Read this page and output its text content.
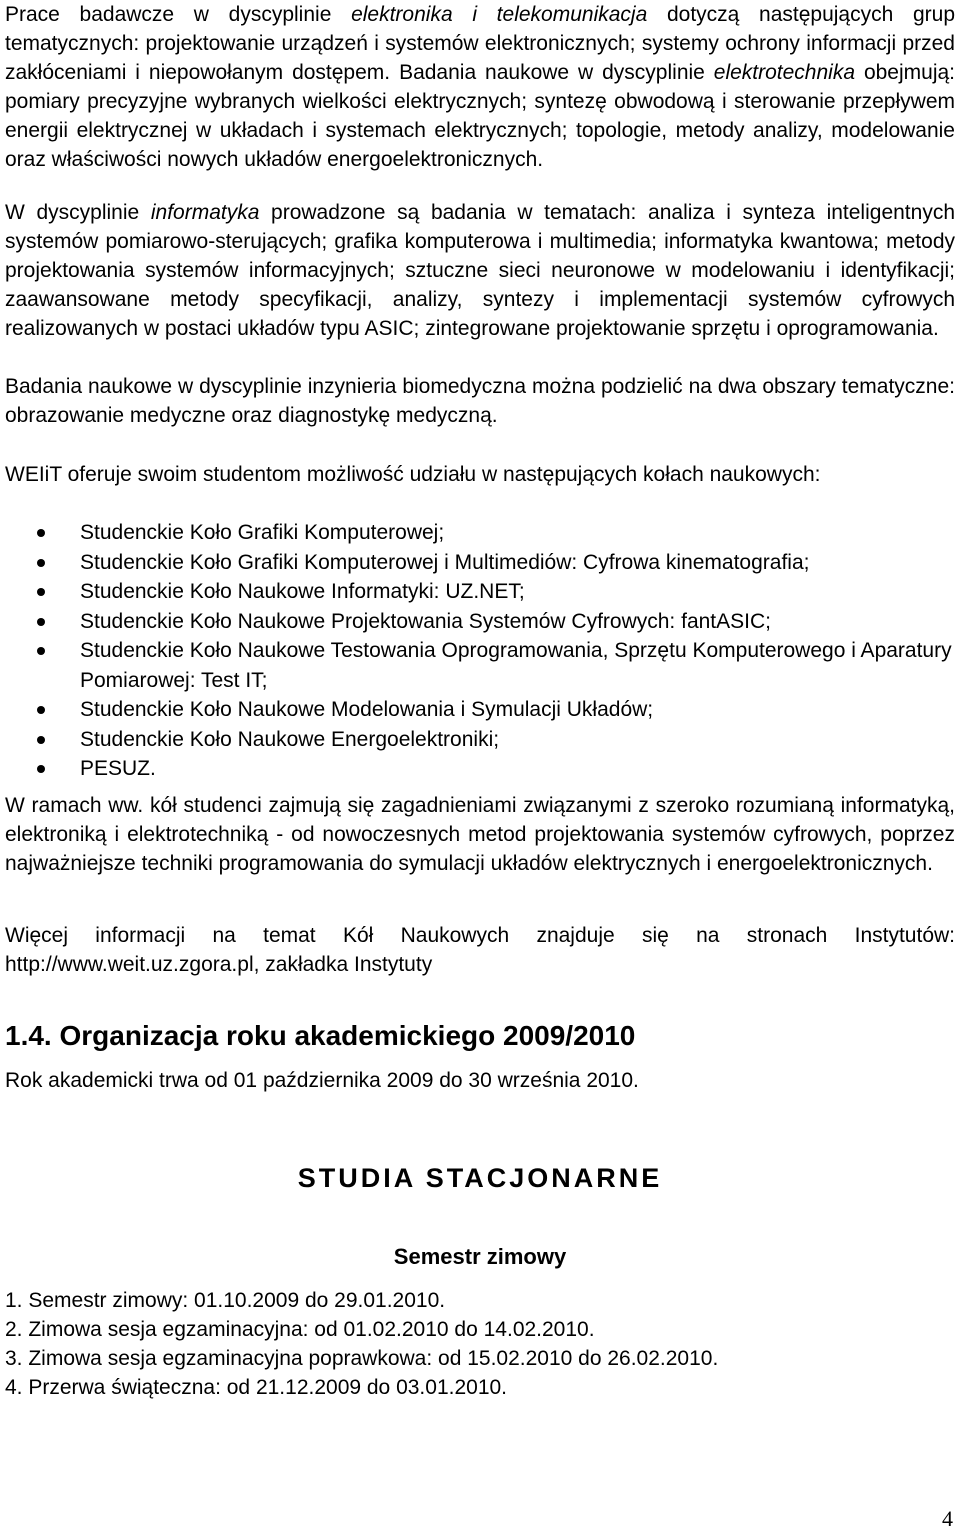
Prace badawcze w dyscyplinie elektronika i telekomunikacja dotyczą następujących grup tematycznych: projektowanie urządzeń i systemów elektronicznych; systemy ochrony informacji przed zakłóceniami i niepowołanym dostępem. Badania naukowe w dyscyplinie elektrotechnika obejmują: pomiary precyzyjne wybranych wielkości elektrycznych; syntezę obwodową i sterowanie przepływem energii elektrycznej w układach i systemach elektrycznych; topologie, metody analizy, modelowanie oraz właściwości nowych układów energoelektronicznych.

W dyscyplinie informatyka prowadzone są badania w tematach: analiza i synteza inteligentnych systemów pomiarowo-sterujących; grafika komputerowa i multimedia; informatyka kwantowa; metody projektowania systemów informacyjnych; sztuczne sieci neuronowe w modelowaniu i identyfikacji; zaawansowane metody specyfikacji, analizy, syntezy i implementacji systemów cyfrowych realizowanych w postaci układów typu ASIC; zintegrowane projektowanie sprzętu i oprogramowania.

Badania naukowe w dyscyplinie inzynieria biomedyczna można podzielić na dwa obszary tematyczne: obrazowanie medyczne oraz diagnostykę medyczną.

WEIiT oferuje swoim studentom możliwość udziału w następujących kołach naukowych:

Studenckie Koło Grafiki Komputerowej;
Studenckie Koło Grafiki Komputerowej i Multimediów: Cyfrowa kinematografia;
Studenckie Koło Naukowe Informatyki: UZ.NET;
Studenckie Koło Naukowe Projektowania Systemów Cyfrowych: fantASIC;
Studenckie Koło Naukowe Testowania Oprogramowania, Sprzętu Komputerowego i Aparatury Pomiarowej: Test IT;
Studenckie Koło Naukowe Modelowania i Symulacji Układów;
Studenckie Koło Naukowe Energoelektroniki;
PESUZ.

W ramach ww. kół studenci zajmują się zagadnieniami związanymi z szeroko rozumianą informatyką, elektroniką i elektrotechniką - od nowoczesnych metod projektowania systemów cyfrowych, poprzez najważniejsze techniki programowania do symulacji układów elektrycznych i energoelektronicznych.

Więcej informacji na temat Kół Naukowych znajduje się na stronach Instytutów: http://www.weit.uz.zgora.pl, zakładka Instytuty

1.4. Organizacja roku akademickiego 2009/2010

Rok akademicki trwa od 01 października 2009 do 30 września 2010.

STUDIA STACJONARNE
Semestr zimowy
1. Semestr zimowy: 01.10.2009 do 29.01.2010.
2. Zimowa sesja egzaminacyjna: od 01.02.2010 do 14.02.2010.
3. Zimowa sesja egzaminacyjna poprawkowa: od 15.02.2010 do 26.02.2010.
4. Przerwa świąteczna: od 21.12.2009 do 03.01.2010.
4
